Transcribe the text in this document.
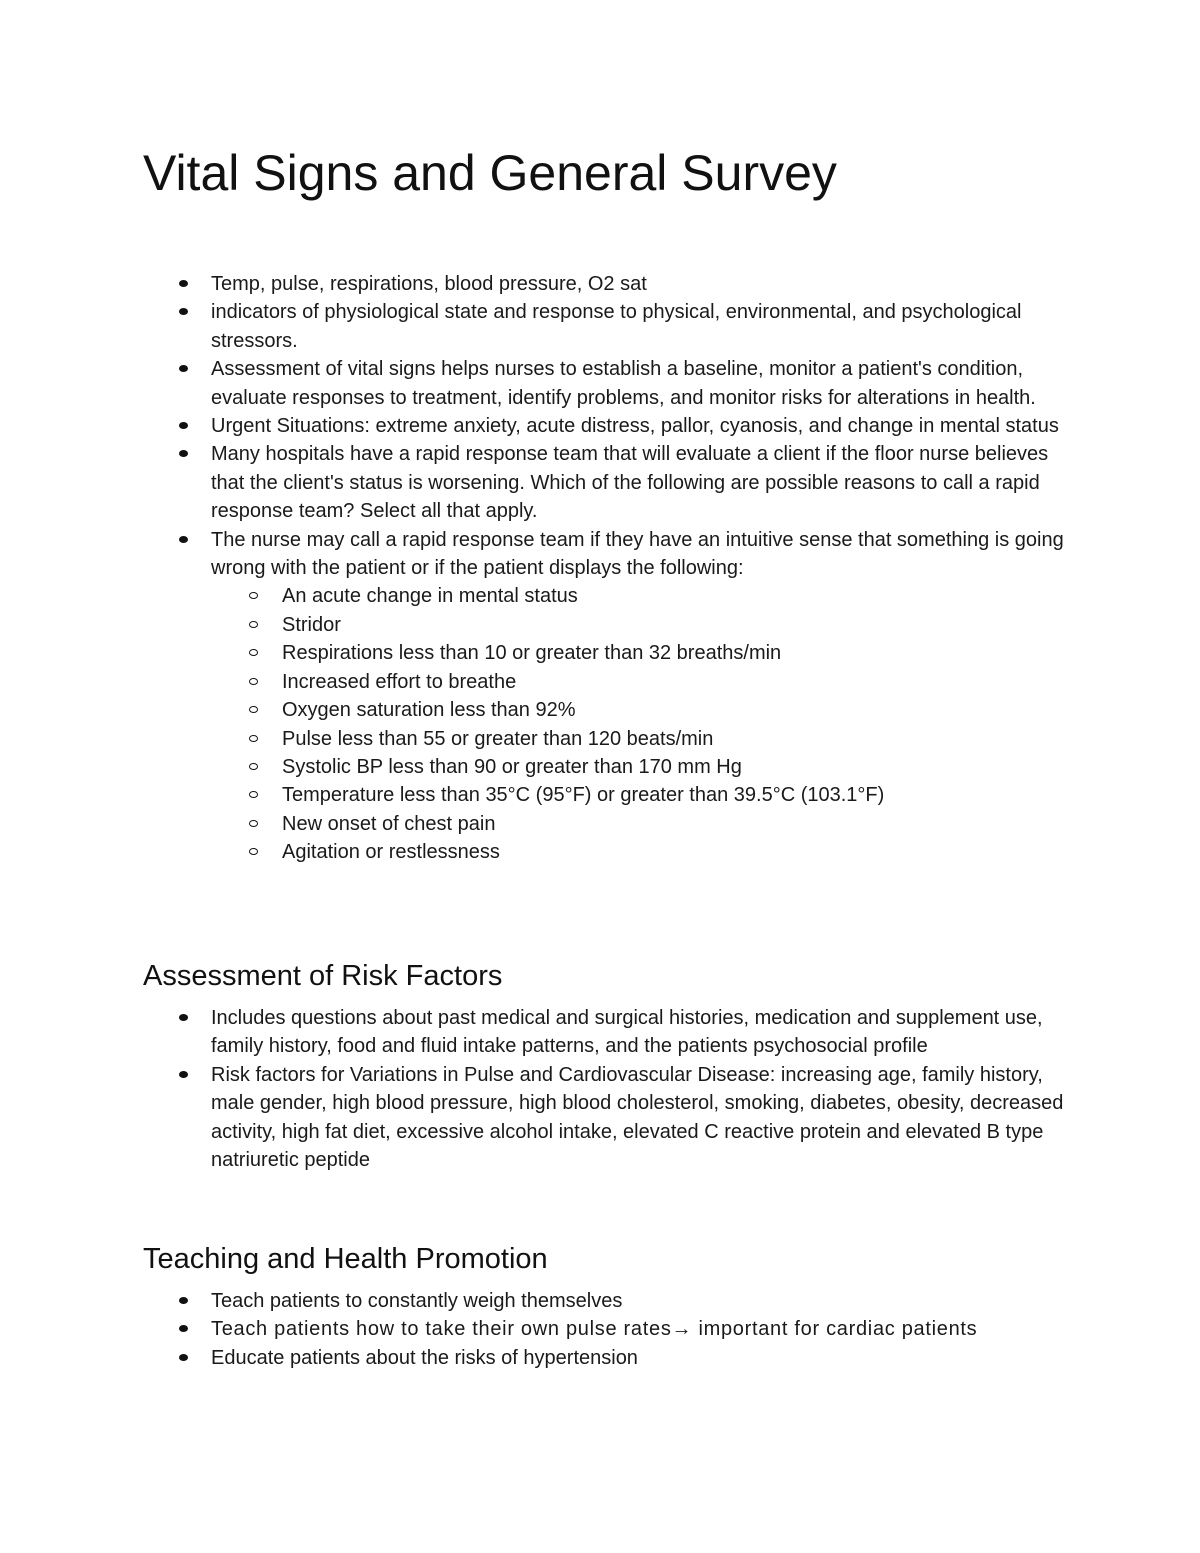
Vital Signs and General Survey
Temp, pulse, respirations, blood pressure, O2 sat
indicators of physiological state and response to physical, environmental, and psychological stressors.
Assessment of vital signs helps nurses to establish a baseline, monitor a patient's condition, evaluate responses to treatment, identify problems, and monitor risks for alterations in health.
Urgent Situations: extreme anxiety, acute distress, pallor, cyanosis, and change in mental status
Many hospitals have a rapid response team that will evaluate a client if the floor nurse believes that the client's status is worsening. Which of the following are possible reasons to call a rapid response team? Select all that apply.
The nurse may call a rapid response team if they have an intuitive sense that something is going wrong with the patient or if the patient displays the following:
An acute change in mental status
Stridor
Respirations less than 10 or greater than 32 breaths/min
Increased effort to breathe
Oxygen saturation less than 92%
Pulse less than 55 or greater than 120 beats/min
Systolic BP less than 90 or greater than 170 mm Hg
Temperature less than 35°C (95°F) or greater than 39.5°C (103.1°F)
New onset of chest pain
Agitation or restlessness
Assessment of Risk Factors
Includes questions about past medical and surgical histories, medication and supplement use, family history, food and fluid intake patterns, and the patients psychosocial profile
Risk factors for Variations in Pulse and Cardiovascular Disease: increasing age, family history, male gender, high blood pressure, high blood cholesterol, smoking, diabetes, obesity, decreased activity, high fat diet, excessive alcohol intake, elevated C reactive protein and elevated B type natriuretic peptide
Teaching and Health Promotion
Teach patients to constantly weigh themselves
Teach patients how to take their own pulse rates→ important for cardiac patients
Educate patients about the risks of hypertension
